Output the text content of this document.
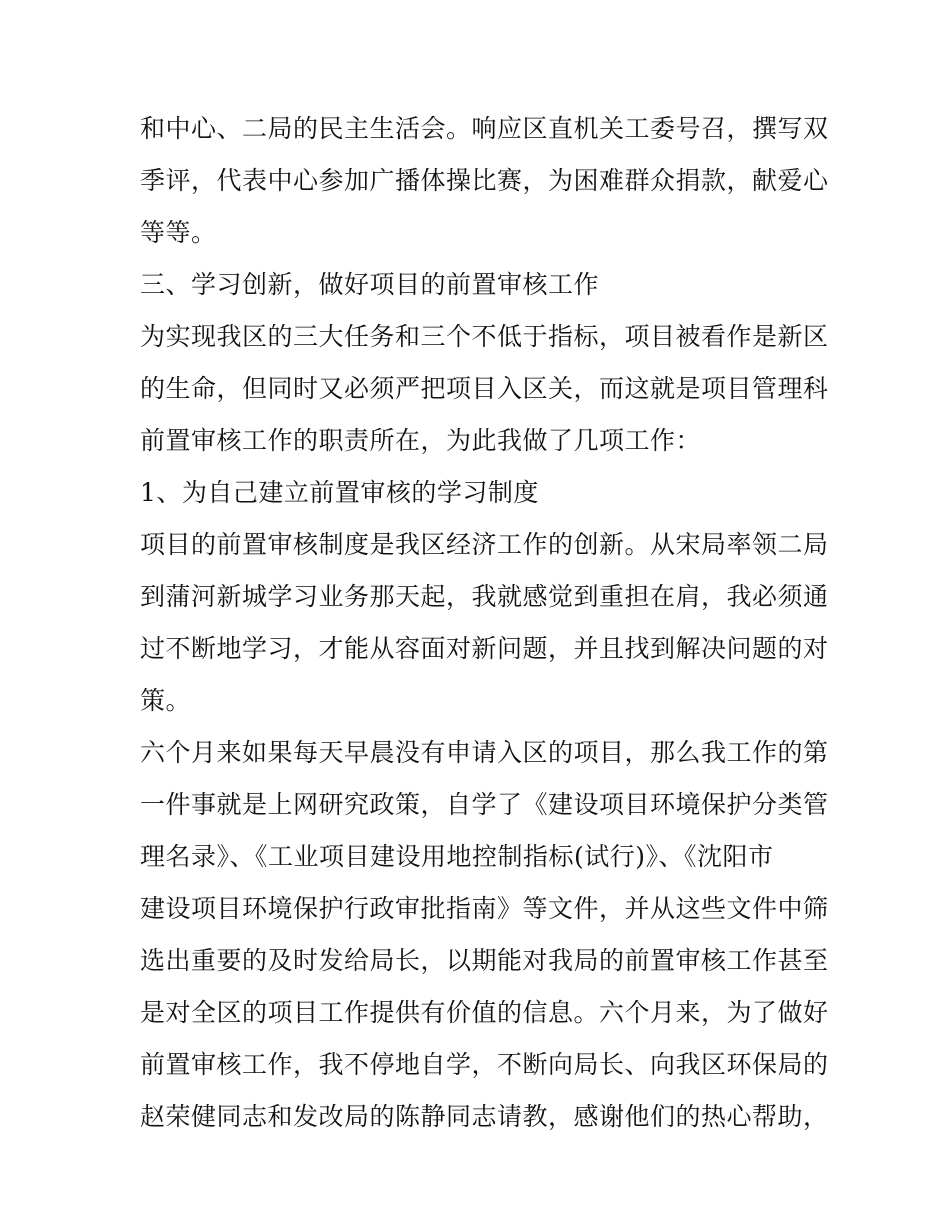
和中心、二局的民主生活会。响应区直机关工委号召，撰写双
季评，代表中心参加广播体操比赛，为困难群众捐款，献爱心
等等。
三、学习创新，做好项目的前置审核工作
为实现我区的三大任务和三个不低于指标，项目被看作是新区
的生命，但同时又必须严把项目入区关，而这就是项目管理科
前置审核工作的职责所在，为此我做了几项工作：
1、为自己建立前置审核的学习制度
项目的前置审核制度是我区经济工作的创新。从宋局率领二局
到蒲河新城学习业务那天起，我就感觉到重担在肩，我必须通
过不断地学习，才能从容面对新问题，并且找到解决问题的对
策。
六个月来如果每天早晨没有申请入区的项目，那么我工作的第
一件事就是上网研究政策，自学了《建设项目环境保护分类管
理名录》、《工业项目建设用地控制指标(试行)》、《沈阳市
建设项目环境保护行政审批指南》等文件，并从这些文件中筛
选出重要的及时发给局长，以期能对我局的前置审核工作甚至
是对全区的项目工作提供有价值的信息。六个月来，为了做好
前置审核工作，我不停地自学，不断向局长、向我区环保局的
赵荣健同志和发改局的陈静同志请教，感谢他们的热心帮助，
